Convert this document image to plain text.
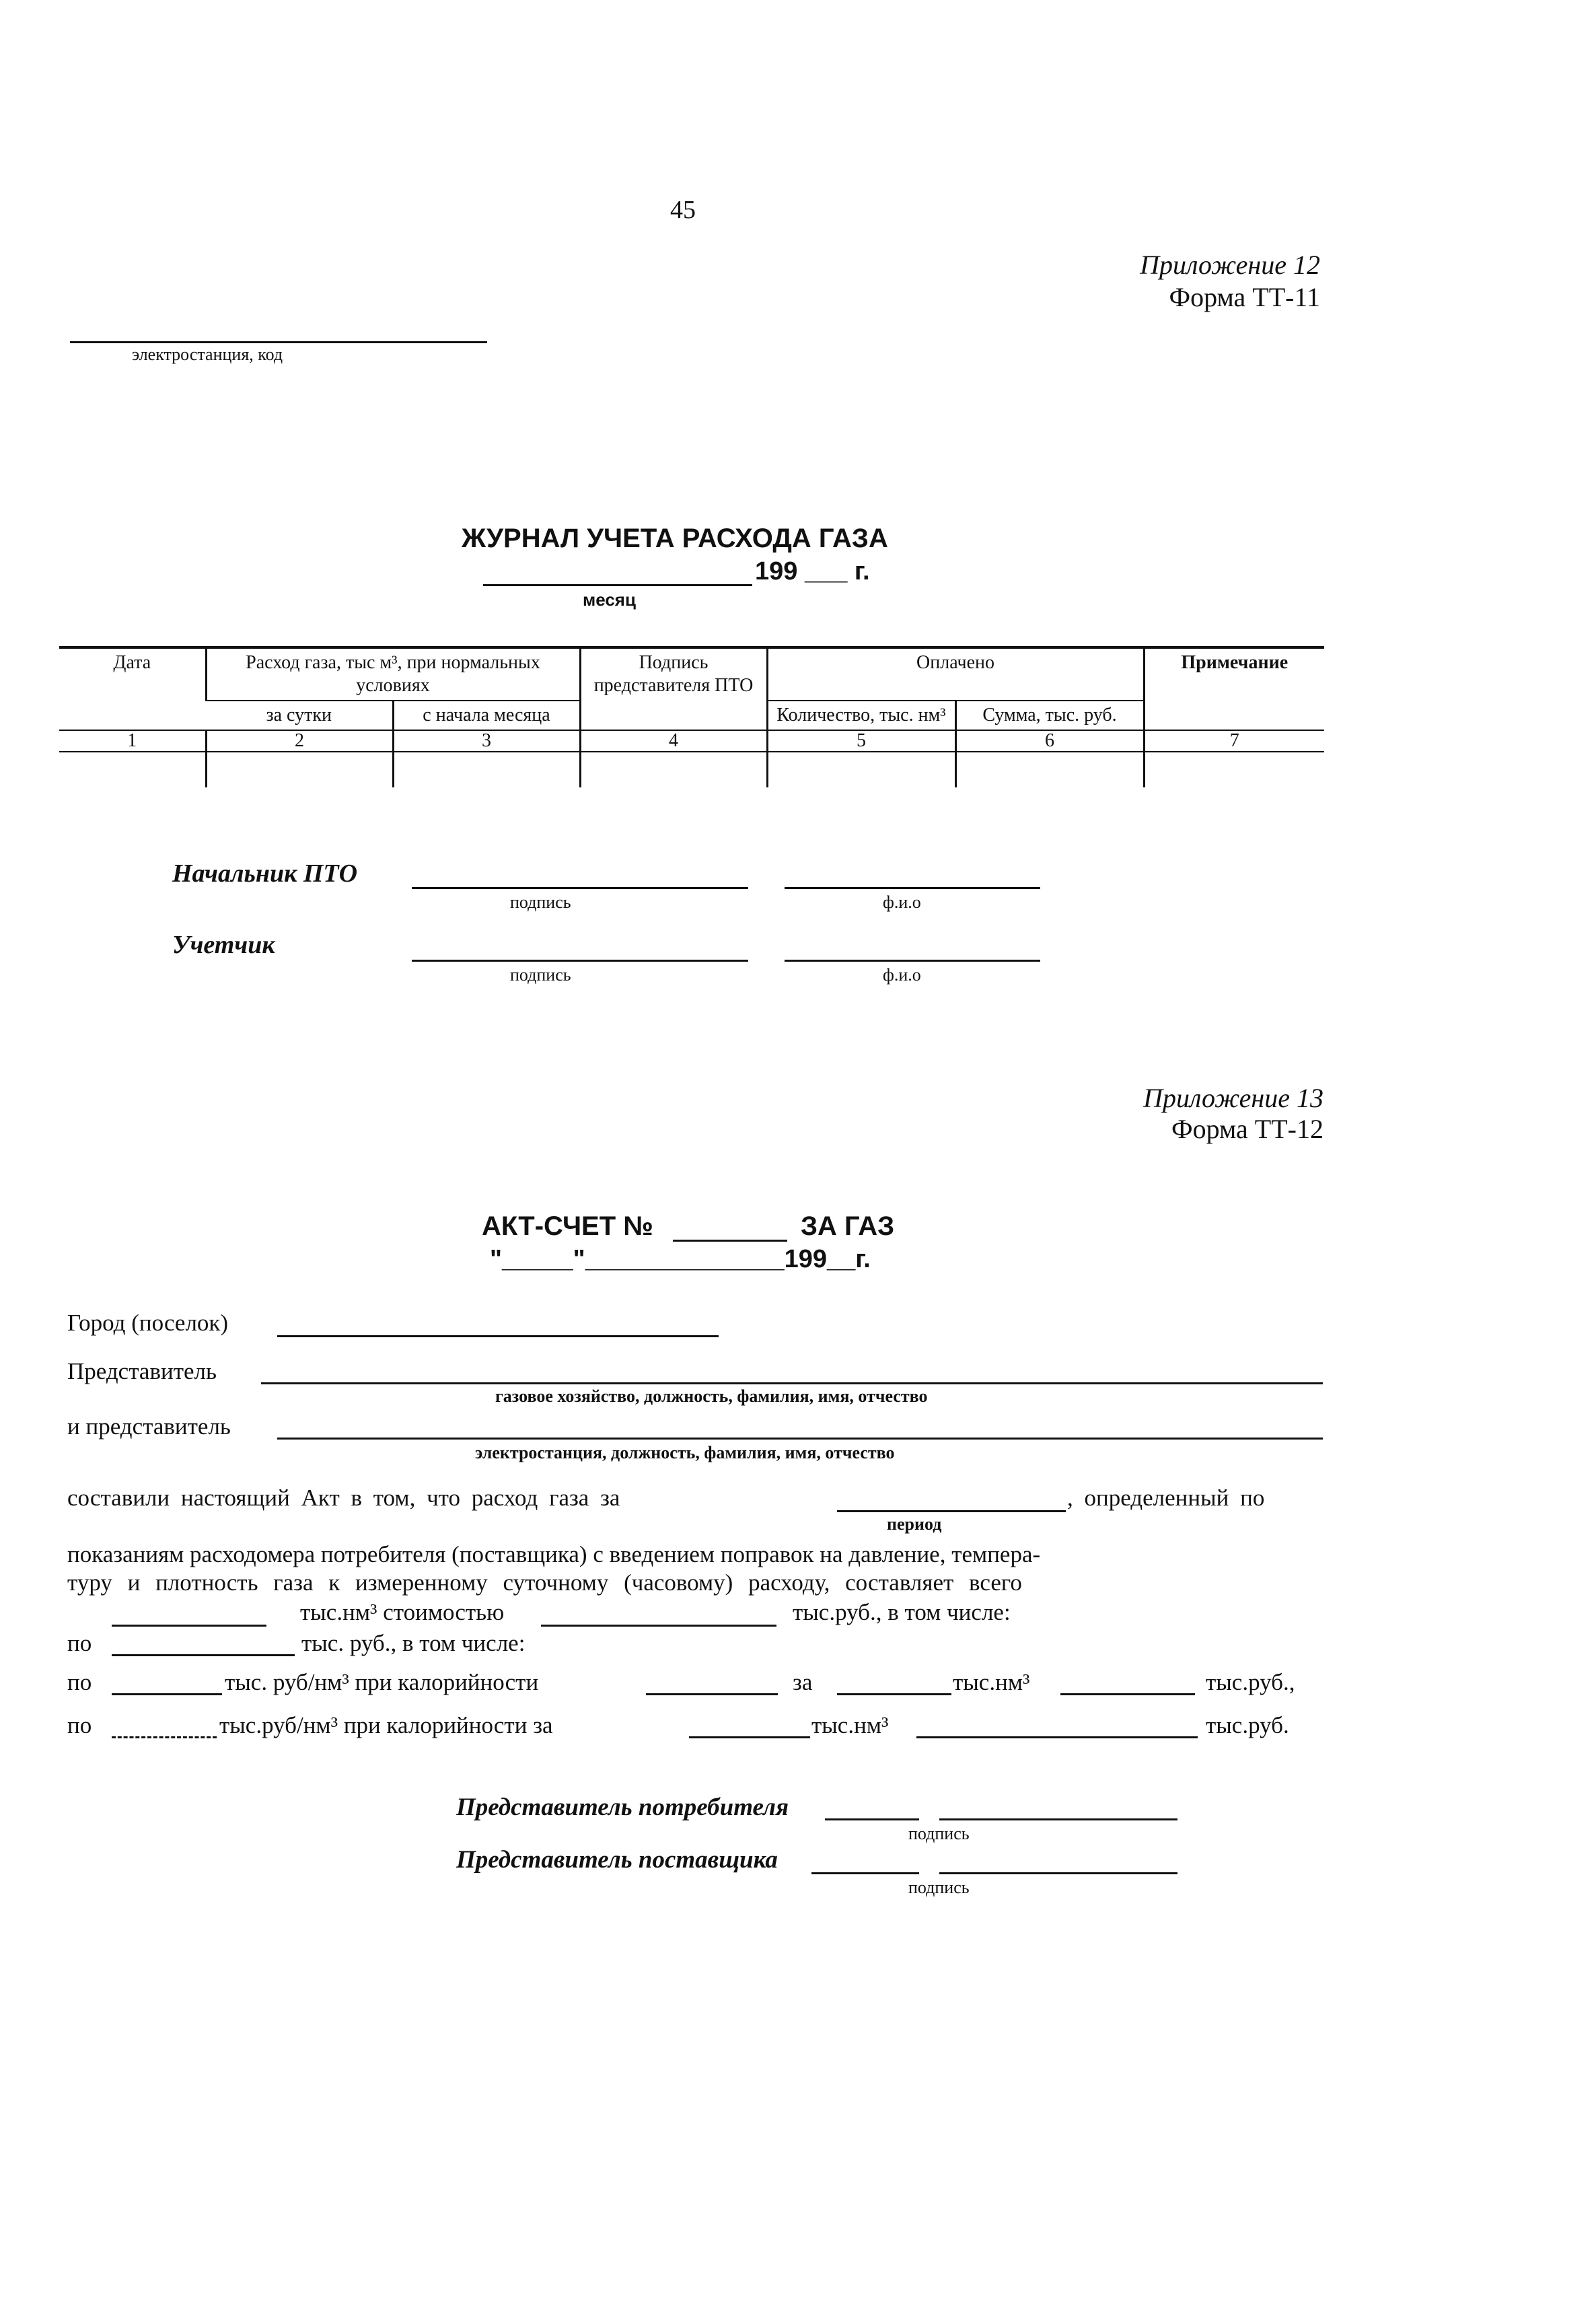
45
Приложение 12
Форма ТТ-11
электростанция, код
ЖУРНАЛ УЧЕТА РАСХОДА ГАЗА
199 ___ г.
месяц
Дата	Расход газа, тыс м³, при нормальных условиях		Подпись представителя ПТО	Оплачено		Примечание
	за сутки	с начала месяца		Количество, тыс. нм³	Сумма, тыс. руб.	
1	2	3	4	5	6	7

Начальник ПТО
подпись	ф.и.о
Учетчик
подпись	ф.и.о
Приложение 13
Форма ТТ-12
АКТ-СЧЕТ №	ЗА ГАЗ
"_____"______________199__г.
Город (поселок)
Представитель
газовое хозяйство, должность, фамилия, имя, отчество
и представитель
электростанция, должность, фамилия, имя, отчество
составили настоящий Акт в том, что расход газа за	, определенный по
период
показаниям расходомера потребителя (поставщика) с введением поправок на давление, темпера-
туру и плотность газа к измеренному суточному (часовому) расходу, составляет всего
тыс.нм³ стоимостью	тыс.руб., в том числе:
по	тыс. руб., в том числе:
по	тыс. руб/нм³ при калорийности	за	тыс.нм³	тыс.руб.,
по	тыс.руб/нм³ при калорийности за	тыс.нм³	тыс.руб.
Представитель потребителя
подпись
Представитель поставщика
подпись
